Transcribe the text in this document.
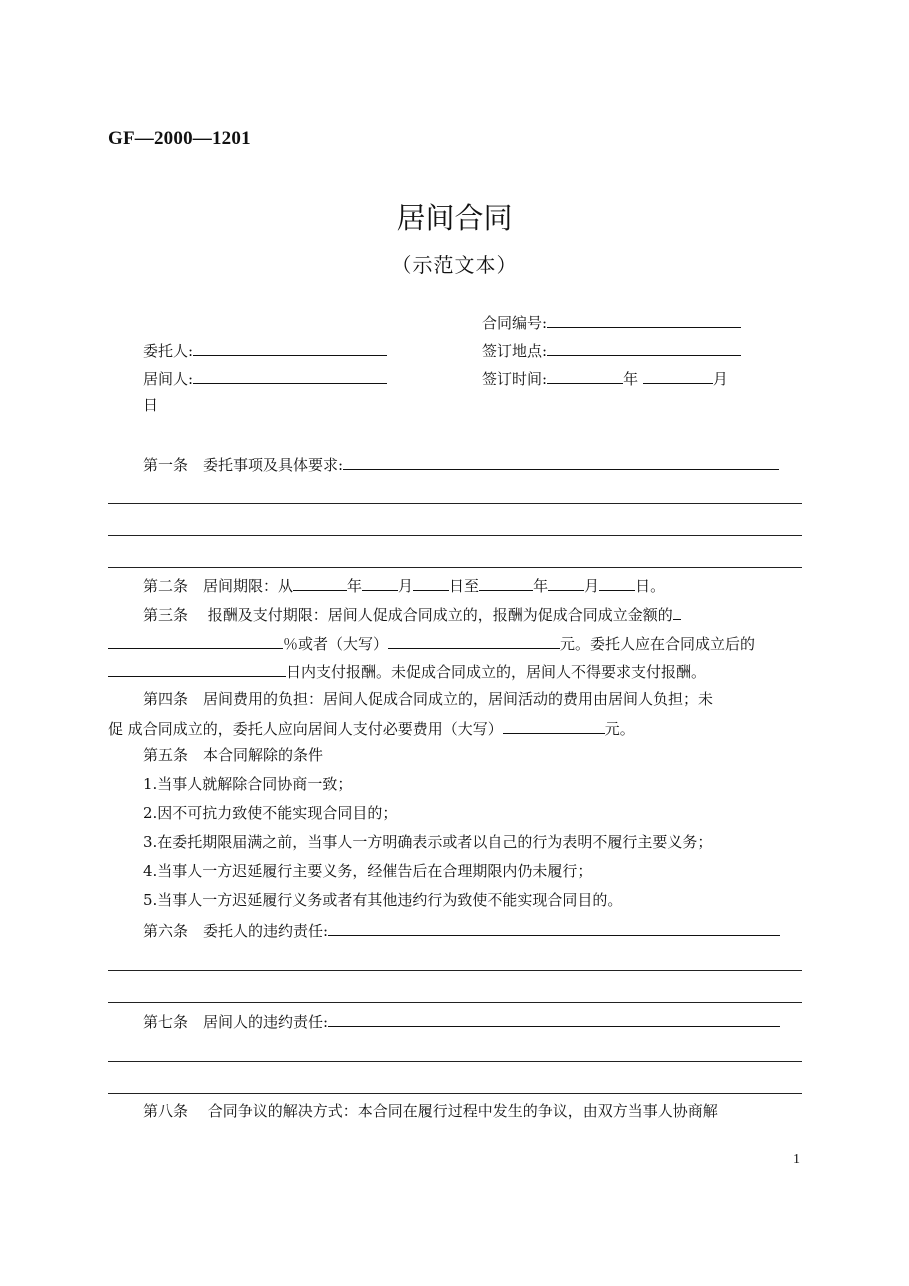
GF—2000—1201
居间合同
（示范文本）
合同编号:
委托人:	签订地点:
居间人:	签订时间:	年	月
日
第一条　委托事项及具体要求:
第二条　居间期限：从	年 月 日至	年 月 日。
第三条　 报酬及支付期限：居间人促成合同成立的，报酬为促成合同成立金额的
％或者（大写）	元。委托人应在合同成立后的
日内支付报酬。未促成合同成立的，居间人不得要求支付报酬。
第四条　居间费用的负担：居间人促成合同成立的，居间活动的费用由居间人负担；未
促 成合同成立的，委托人应向居间人支付必要费用（大写）	元。
第五条　本合同解除的条件
1.当事人就解除合同协商一致；
2.因不可抗力致使不能实现合同目的；
3.在委托期限届满之前，当事人一方明确表示或者以自己的行为表明不履行主要义务；
4.当事人一方迟延履行主要义务，经催告后在合理期限内仍未履行；
5.当事人一方迟延履行义务或者有其他违约行为致使不能实现合同目的。
第六条　委托人的违约责任:
第七条　居间人的违约责任:
第八条　 合同争议的解决方式：本合同在履行过程中发生的争议，由双方当事人协商解
1
